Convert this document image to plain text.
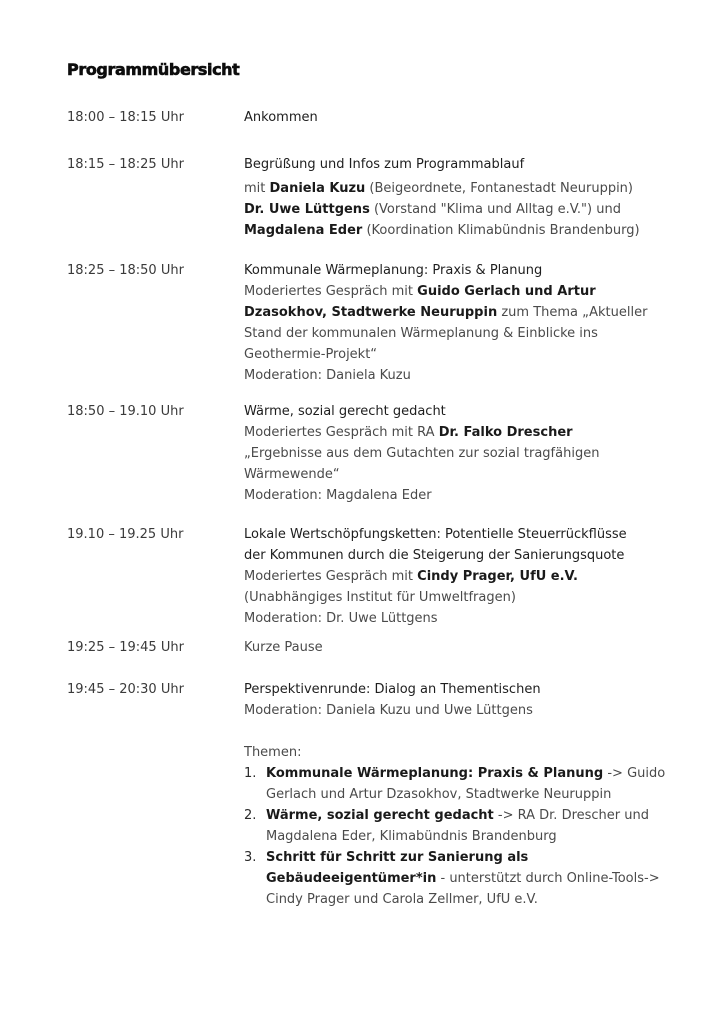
Programmübersicht
18:00 – 18:15 Uhr	Ankommen
18:15 – 18:25 Uhr	Begrüßung und Infos zum Programmablauf
mit Daniela Kuzu (Beigeordnete, Fontanestadt Neuruppin)
Dr. Uwe Lüttgens (Vorstand "Klima und Alltag e.V.") und
Magdalena Eder (Koordination Klimabündnis Brandenburg)
18:25 – 18:50 Uhr	Kommunale Wärmeplanung: Praxis & Planung
Moderiertes Gespräch mit Guido Gerlach und Artur
Dzasokhov, Stadtwerke Neuruppin zum Thema „Aktueller
Stand der kommunalen Wärmeplanung & Einblicke ins
Geothermie-Projekt“
Moderation: Daniela Kuzu
18:50 – 19.10 Uhr	Wärme, sozial gerecht gedacht
Moderiertes Gespräch mit RA Dr. Falko Drescher
„Ergebnisse aus dem Gutachten zur sozial tragfähigen
Wärmewende“
Moderation: Magdalena Eder
19.10 – 19.25 Uhr	Lokale Wertschöpfungsketten: Potentielle Steuerrückflüsse
der Kommunen durch die Steigerung der Sanierungsquote
Moderiertes Gespräch mit Cindy Prager, UfU e.V.
(Unabhängiges Institut für Umweltfragen)
Moderation: Dr. Uwe Lüttgens
19:25 – 19:45 Uhr	Kurze Pause
19:45 – 20:30 Uhr	Perspektivenrunde: Dialog an Thementischen
Moderation: Daniela Kuzu und Uwe Lüttgens
Themen:
1. Kommunale Wärmeplanung: Praxis & Planung -> Guido
Gerlach und Artur Dzasokhov, Stadtwerke Neuruppin
2. Wärme, sozial gerecht gedacht -> RA Dr. Drescher und
Magdalena Eder, Klimabündnis Brandenburg
3. Schritt für Schritt zur Sanierung als
Gebäudeeigentümer*in - unterstützt durch Online-Tools->
Cindy Prager und Carola Zellmer, UfU e.V.
